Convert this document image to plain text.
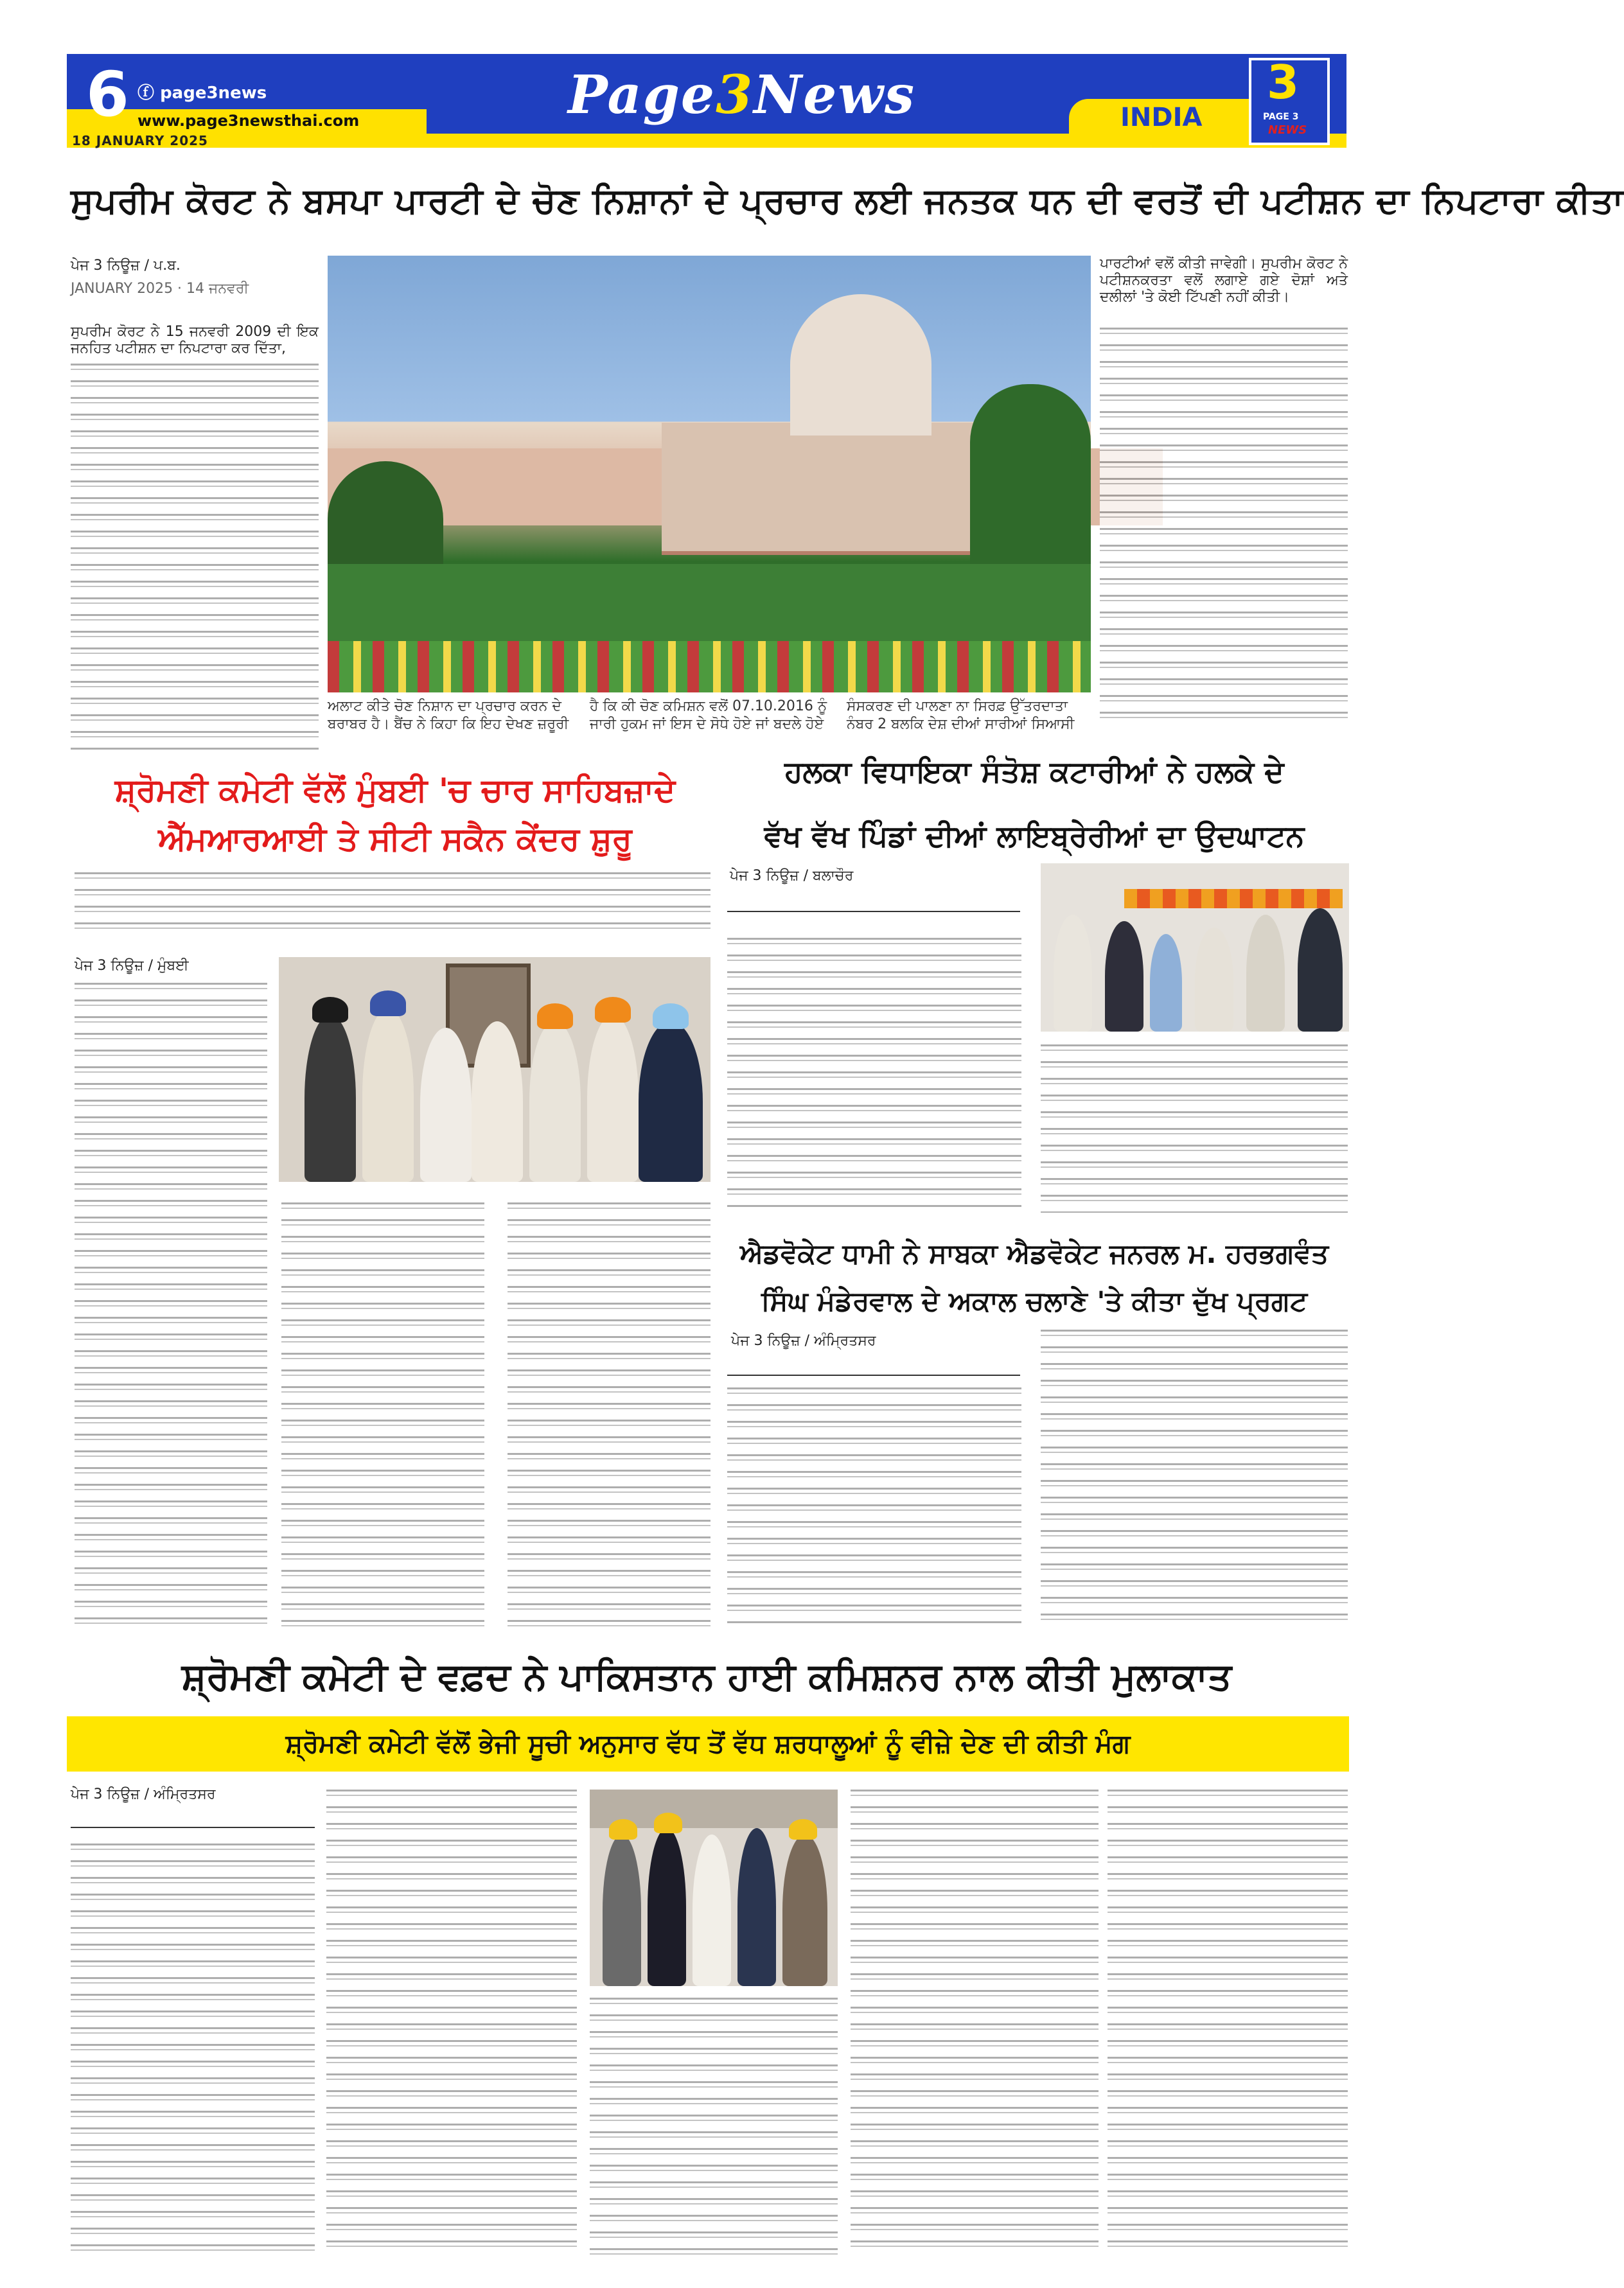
6 ⓕ page3news
www.page3newsthai.com
18 JANUARY 2025
Page3News	INDIA
3
PAGE 3
NEWS
ਸੁਪਰੀਮ ਕੋਰਟ ਨੇ ਬਸਪਾ ਪਾਰਟੀ ਦੇ ਚੋਣ ਨਿਸ਼ਾਨਾਂ ਦੇ ਪ੍ਰਚਾਰ ਲਈ ਜਨਤਕ ਧਨ ਦੀ ਵਰਤੋਂ ਦੀ ਪਟੀਸ਼ਨ ਦਾ ਨਿਪਟਾਰਾ ਕੀਤਾ
ਪੇਜ 3 ਨਿਊਜ਼ / ਪ.ਬ.
JANUARY 2025 · 14 ਜਨਵਰੀ
ਸੁਪਰੀਮ ਕੋਰਟ ਨੇ 15 ਜਨਵਰੀ 2009 ਦੀ ਇਕ ਜਨਹਿਤ ਪਟੀਸ਼ਨ ਦਾ ਨਿਪਟਾਰਾ ਕਰ ਦਿੱਤਾ,
ਅਲਾਟ ਕੀਤੇ ਚੋਣ ਨਿਸ਼ਾਨ ਦਾ ਪ੍ਰਚਾਰ ਕਰਨ ਦੇ ਬਰਾਬਰ ਹੈ। ਬੈਂਚ ਨੇ ਕਿਹਾ ਕਿ ਇਹ ਦੇਖਣ ਜ਼ਰੂਰੀ
ਹੈ ਕਿ ਕੀ ਚੋਣ ਕਮਿਸ਼ਨ ਵਲੋਂ 07.10.2016 ਨੂੰ ਜਾਰੀ ਹੁਕਮ ਜਾਂ ਇਸ ਦੇ ਸੋਧੇ ਹੋਏ ਜਾਂ ਬਦਲੇ ਹੋਏ
ਸੰਸਕਰਣ ਦੀ ਪਾਲਣਾ ਨਾ ਸਿਰਫ਼ ਉੱਤਰਦਾਤਾ ਨੰਬਰ 2 ਬਲਕਿ ਦੇਸ਼ ਦੀਆਂ ਸਾਰੀਆਂ ਸਿਆਸੀ
ਪਾਰਟੀਆਂ ਵਲੋਂ ਕੀਤੀ ਜਾਵੇਗੀ। ਸੁਪਰੀਮ ਕੋਰਟ ਨੇ ਪਟੀਸ਼ਨਕਰਤਾ ਵਲੋਂ ਲਗਾਏ ਗਏ ਦੋਸ਼ਾਂ ਅਤੇ ਦਲੀਲਾਂ 'ਤੇ ਕੋਈ ਟਿੱਪਣੀ ਨਹੀਂ ਕੀਤੀ।
ਸ਼੍ਰੋਮਣੀ ਕਮੇਟੀ ਵੱਲੋਂ ਮੁੰਬਈ 'ਚ ਚਾਰ ਸਾਹਿਬਜ਼ਾਦੇ
ਐੱਮਆਰਆਈ ਤੇ ਸੀਟੀ ਸਕੈਨ ਕੇਂਦਰ ਸ਼ੁਰੂ
ਪੇਜ 3 ਨਿਊਜ਼ / ਮੁੰਬਈ
ਹਲਕਾ ਵਿਧਾਇਕਾ ਸੰਤੋਸ਼ ਕਟਾਰੀਆਂ ਨੇ ਹਲਕੇ ਦੇ
ਵੱਖ ਵੱਖ ਪਿੰਡਾਂ ਦੀਆਂ ਲਾਇਬ੍ਰੇਰੀਆਂ ਦਾ ਉਦਘਾਟਨ
ਪੇਜ 3 ਨਿਊਜ਼ / ਬਲਾਚੌਰ
ਐਡਵੋਕੇਟ ਧਾਮੀ ਨੇ ਸਾਬਕਾ ਐਡਵੋਕੇਟ ਜਨਰਲ ਮ. ਹਰਭਗਵੰਤ
ਸਿੰਘ ਮੰਡੇਰਵਾਲ ਦੇ ਅਕਾਲ ਚਲਾਣੇ 'ਤੇ ਕੀਤਾ ਦੁੱਖ ਪ੍ਰਗਟ
ਪੇਜ 3 ਨਿਊਜ਼ / ਅੰਮ੍ਰਿਤਸਰ
ਸ਼੍ਰੋਮਣੀ ਕਮੇਟੀ ਦੇ ਵਫ਼ਦ ਨੇ ਪਾਕਿਸਤਾਨ ਹਾਈ ਕਮਿਸ਼ਨਰ ਨਾਲ ਕੀਤੀ ਮੁਲਾਕਾਤ
ਸ਼੍ਰੋਮਣੀ ਕਮੇਟੀ ਵੱਲੋਂ ਭੇਜੀ ਸੂਚੀ ਅਨੁਸਾਰ ਵੱਧ ਤੋਂ ਵੱਧ ਸ਼ਰਧਾਲੂਆਂ ਨੂੰ ਵੀਜ਼ੇ ਦੇਣ ਦੀ ਕੀਤੀ ਮੰਗ
ਪੇਜ 3 ਨਿਊਜ਼ / ਅੰਮ੍ਰਿਤਸਰ
